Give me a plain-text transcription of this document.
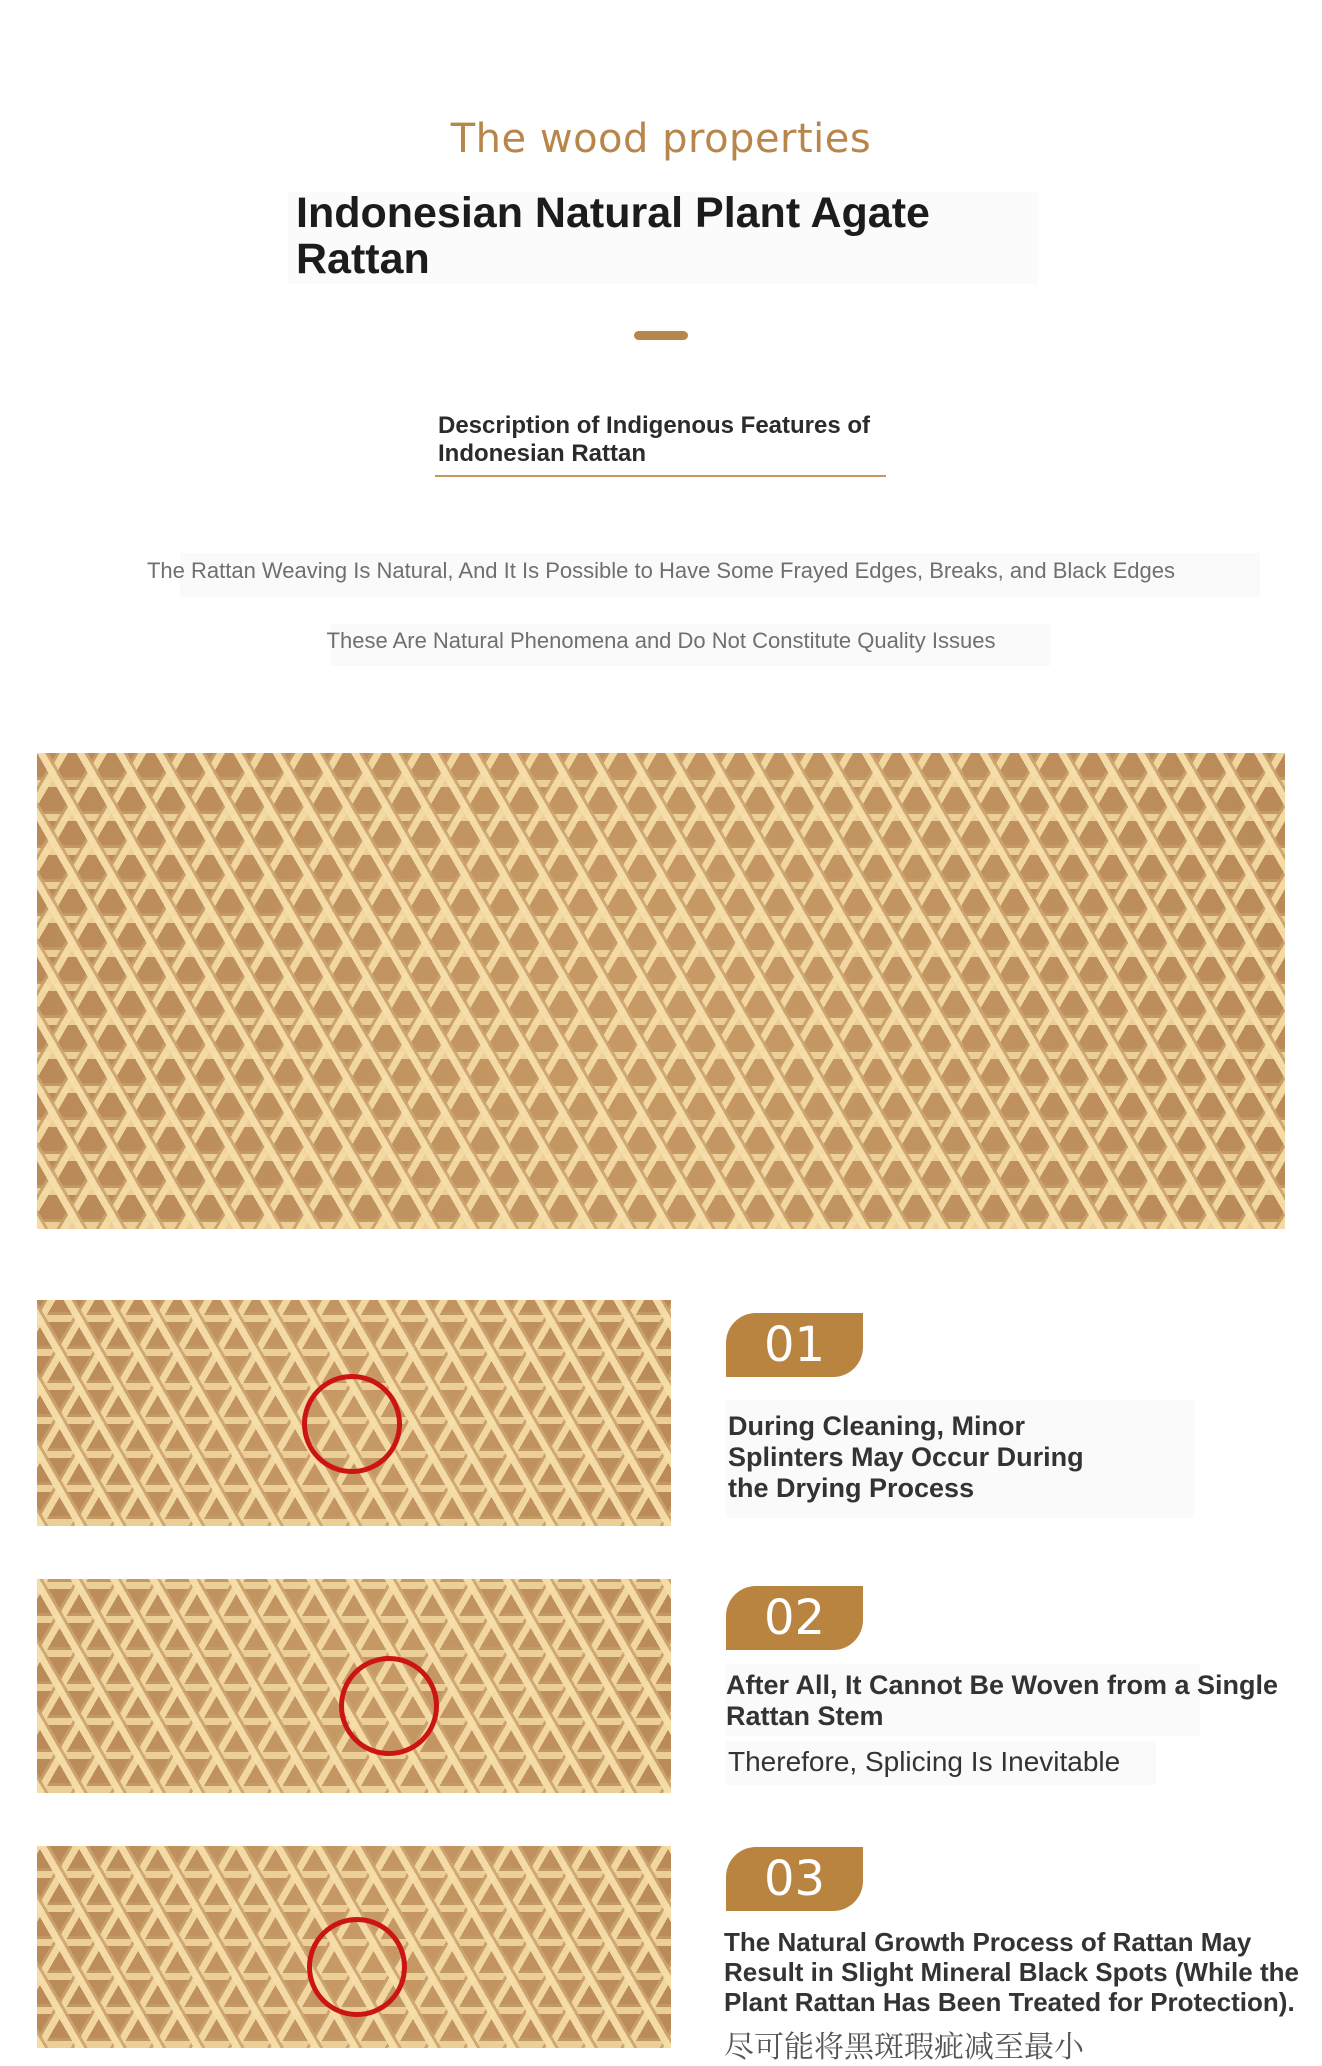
The wood properties
Indonesian Natural Plant Agate Rattan
Description of Indigenous Features of Indonesian Rattan
The Rattan Weaving Is Natural, And It Is Possible to Have Some Frayed Edges, Breaks, and Black Edges
These Are Natural Phenomena and Do Not Constitute Quality Issues
01
During Cleaning, Minor Splinters May Occur During the Drying Process
02
After All, It Cannot Be Woven from a Single Rattan Stem
Therefore, Splicing Is Inevitable
03
The Natural Growth Process of Rattan May Result in Slight Mineral Black Spots (While the Plant Rattan Has Been Treated for Protection).
尽可能将黑斑瑕疵减至最小
